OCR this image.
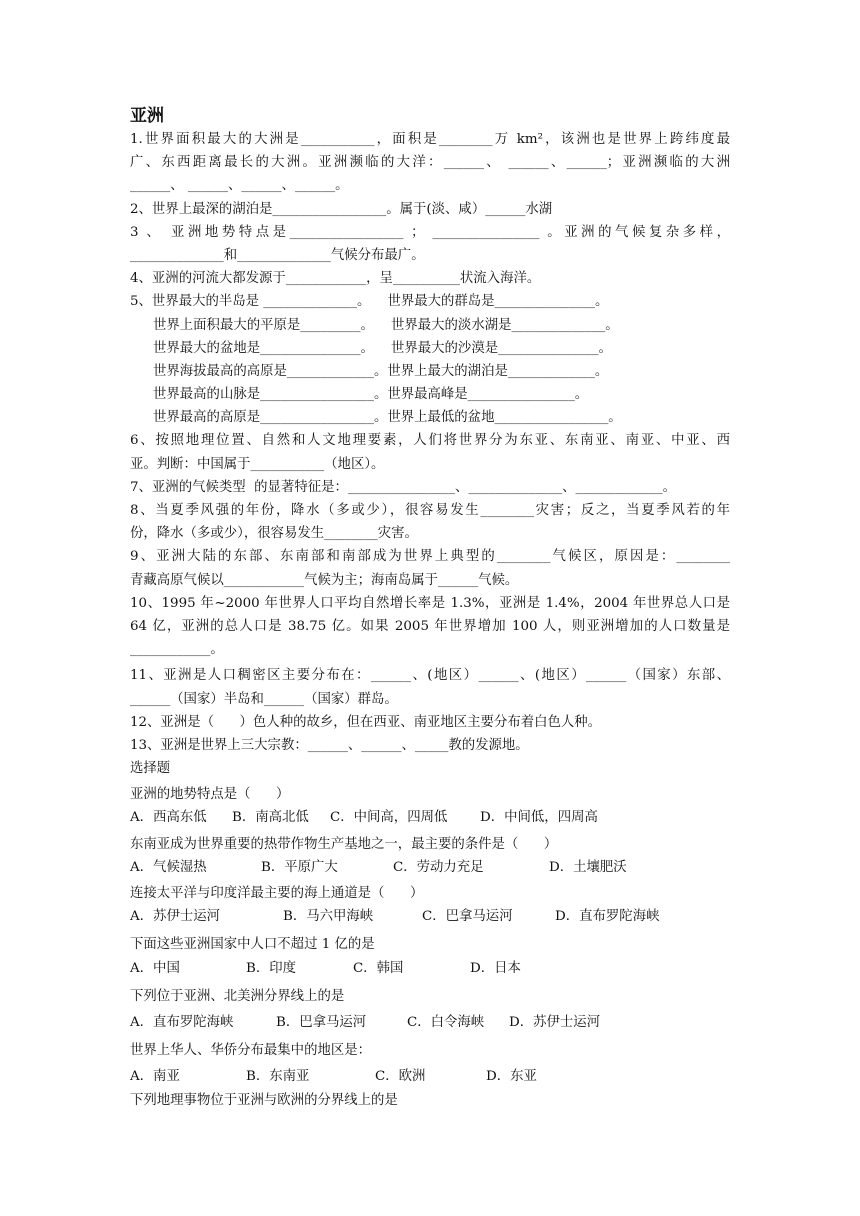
亚洲
1.世界面积最大的大洲是___________，面积是________万 km²，该洲也是世界上跨纬度最
广、东西距离最长的大洲。亚洲濒临的大洋：______、 ______、______；亚洲濒临的大洲
______、 ______、______、______。
2、世界上最深的湖泊是_________________。属于(淡、咸）______水湖
3 、 亚洲地势特点是_________________ ； ________________ 。亚洲的气候复杂多样，
______________和______________气候分布最广。
4、亚洲的河流大都发源于____________，呈__________状流入海洋。
5、世界最大的半岛是 ______________。    世界最大的群岛是_______________。
世界上面积最大的平原是_________。    世界最大的淡水湖是______________。
世界最大的盆地是_______________。    世界最大的沙漠是_______________。
世界海拔最高的高原是_____________。世界上最大的湖泊是_____________。
世界最高的山脉是_________________。世界最高峰是________________。
世界最高的高原是_________________。世界上最低的盆地_________________。
6、按照地理位置、自然和人文地理要素，人们将世界分为东亚、东南亚、南亚、中亚、西
亚。判断：中国属于___________（地区）。
7、亚洲的气候类型  的显著特征是：________________、______________、_____________。
8、当夏季风强的年份，降水（多或少），很容易发生________灾害；反之，当夏季风若的年
份，降水（多或少），很容易发生________灾害。
9、亚洲大陆的东部、东南部和南部成为世界上典型的________气候区，原因是：________
青藏高原气候以____________气候为主；海南岛属于______气候。
10、1995 年~2000 年世界人口平均自然增长率是 1.3%，亚洲是 1.4%，2004 年世界总人口是
64 亿，亚洲的总人口是 38.75 亿。如果 2005 年世界增加 100 人，则亚洲增加的人口数量是
____________。
11、亚洲是人口稠密区主要分布在：______、(地区）______、(地区）______（国家）东部、
______（国家）半岛和______（国家）群岛。
12、亚洲是（      ）色人种的故乡，但在西亚、南亚地区主要分布着白色人种。
13、亚洲是世界上三大宗教：______、______、_____教的发源地。
选择题
亚洲的地势特点是（      ）
A．西高东低 B．南高北低 C．中间高，四周低 D．中间低，四周高
东南亚成为世界重要的热带作物生产基地之一，最主要的条件是（      ）
A．气候湿热	B．平原广大	C．劳动力充足	D．土壤肥沃
连接太平洋与印度洋最主要的海上通道是（      ）
A．苏伊士运河	B．马六甲海峡	C．巴拿马运河	D．直布罗陀海峡
下面这些亚洲国家中人口不超过 1 亿的是
A．中国	B．印度	C．韩国	D．日本
下列位于亚洲、北美洲分界线上的是
A．直布罗陀海峡	B．巴拿马运河	C．白令海峡 D．苏伊士运河
世界上华人、华侨分布最集中的地区是：
A．南亚	B．东南亚	C．欧洲	D．东亚
下列地理事物位于亚洲与欧洲的分界线上的是
